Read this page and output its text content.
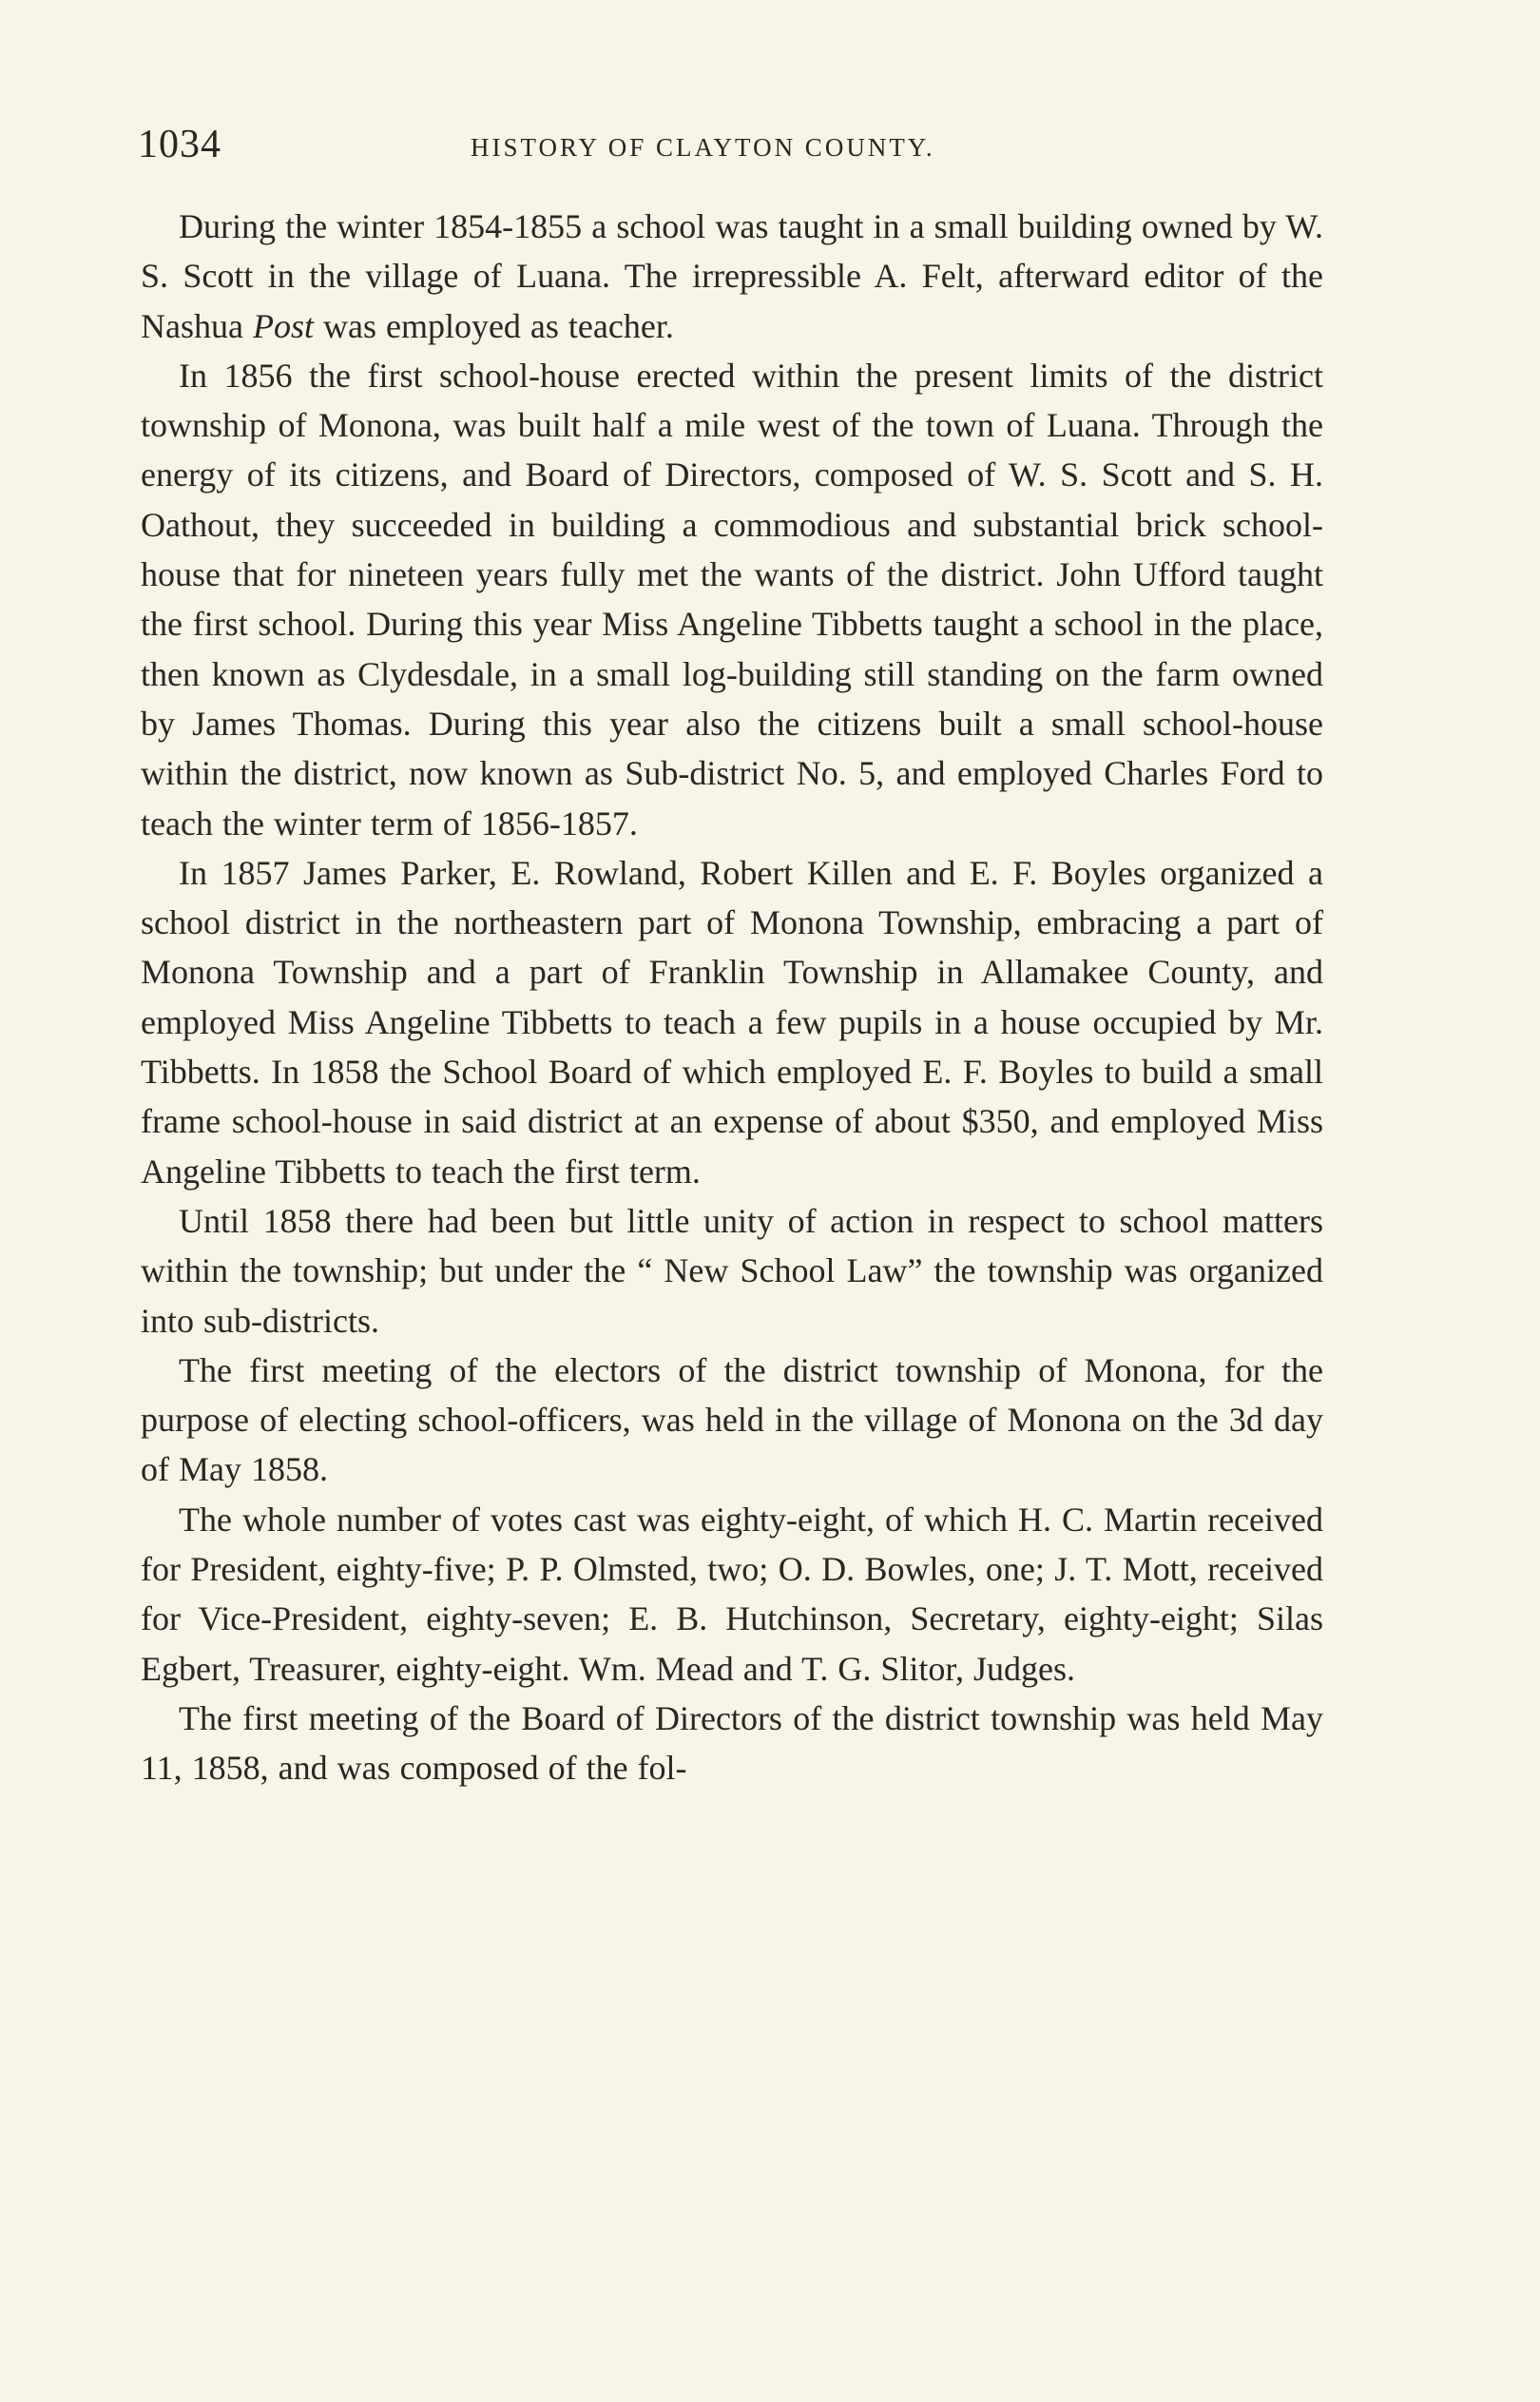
1034	HISTORY OF CLAYTON COUNTY.

During the winter 1854-1855 a school was taught in a small building owned by W. S. Scott in the village of Luana. The irrepressible A. Felt, afterward editor of the Nashua Post was employed as teacher.

In 1856 the first school-house erected within the present limits of the district township of Monona, was built half a mile west of the town of Luana. Through the energy of its citizens, and Board of Directors, composed of W. S. Scott and S. H. Oathout, they succeeded in building a commodious and substantial brick school-house that for nineteen years fully met the wants of the district. John Ufford taught the first school. During this year Miss Angeline Tibbetts taught a school in the place, then known as Clydesdale, in a small log-building still standing on the farm owned by James Thomas. During this year also the citizens built a small school-house within the district, now known as Sub-district No. 5, and employed Charles Ford to teach the winter term of 1856-1857.

In 1857 James Parker, E. Rowland, Robert Killen and E. F. Boyles organized a school district in the northeastern part of Monona Township, embracing a part of Monona Township and a part of Franklin Township in Allamakee County, and employed Miss Angeline Tibbetts to teach a few pupils in a house occupied by Mr. Tibbetts. In 1858 the School Board of which employed E. F. Boyles to build a small frame school-house in said district at an expense of about $350, and employed Miss Angeline Tibbetts to teach the first term.

Until 1858 there had been but little unity of action in respect to school matters within the township; but under the “ New School Law” the township was organized into sub-districts.

The first meeting of the electors of the district township of Monona, for the purpose of electing school-officers, was held in the village of Monona on the 3d day of May 1858.

The whole number of votes cast was eighty-eight, of which H. C. Martin received for President, eighty-five; P. P. Olmsted, two; O. D. Bowles, one; J. T. Mott, received for Vice-President, eighty-seven; E. B. Hutchinson, Secretary, eighty-eight; Silas Egbert, Treasurer, eighty-eight. Wm. Mead and T. G. Slitor, Judges.

The first meeting of the Board of Directors of the district township was held May 11, 1858, and was composed of the fol-
